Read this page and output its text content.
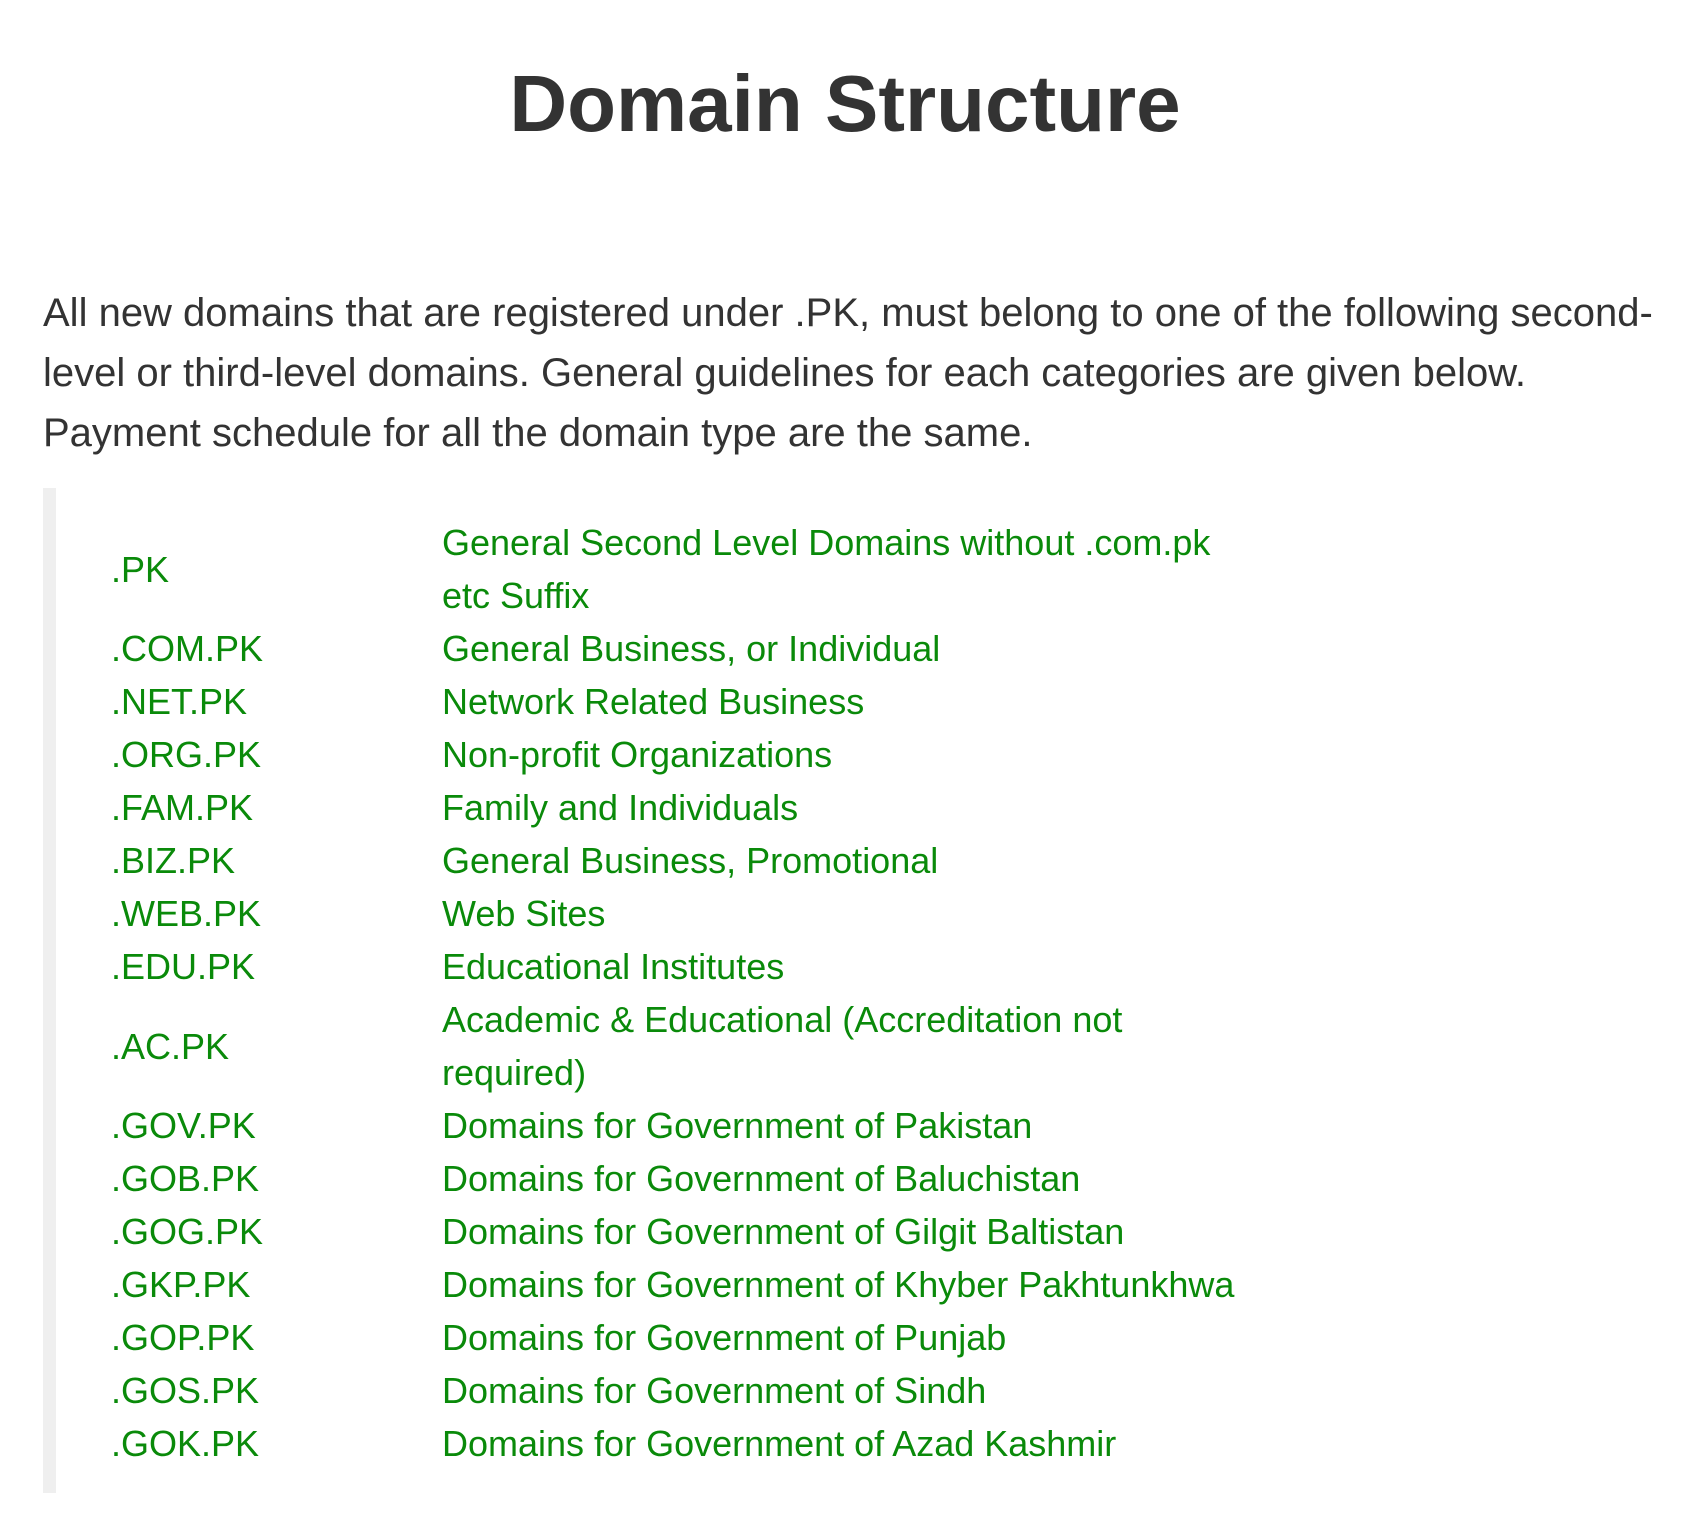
Domain Structure

All new domains that are registered under .PK, must belong to one of the following second-level or third-level domains. General guidelines for each categories are given below. Payment schedule for all the domain type are the same.

.PK	General Second Level Domains without .com.pk etc Suffix
.COM.PK	General Business, or Individual
.NET.PK	Network Related Business
.ORG.PK	Non-profit Organizations
.FAM.PK	Family and Individuals
.BIZ.PK	General Business, Promotional
.WEB.PK	Web Sites
.EDU.PK	Educational Institutes
.AC.PK	Academic & Educational (Accreditation not required)
.GOV.PK	Domains for Government of Pakistan
.GOB.PK	Domains for Government of Baluchistan
.GOG.PK	Domains for Government of Gilgit Baltistan
.GKP.PK	Domains for Government of Khyber Pakhtunkhwa
.GOP.PK	Domains for Government of Punjab
.GOS.PK	Domains for Government of Sindh
.GOK.PK	Domains for Government of Azad Kashmir
